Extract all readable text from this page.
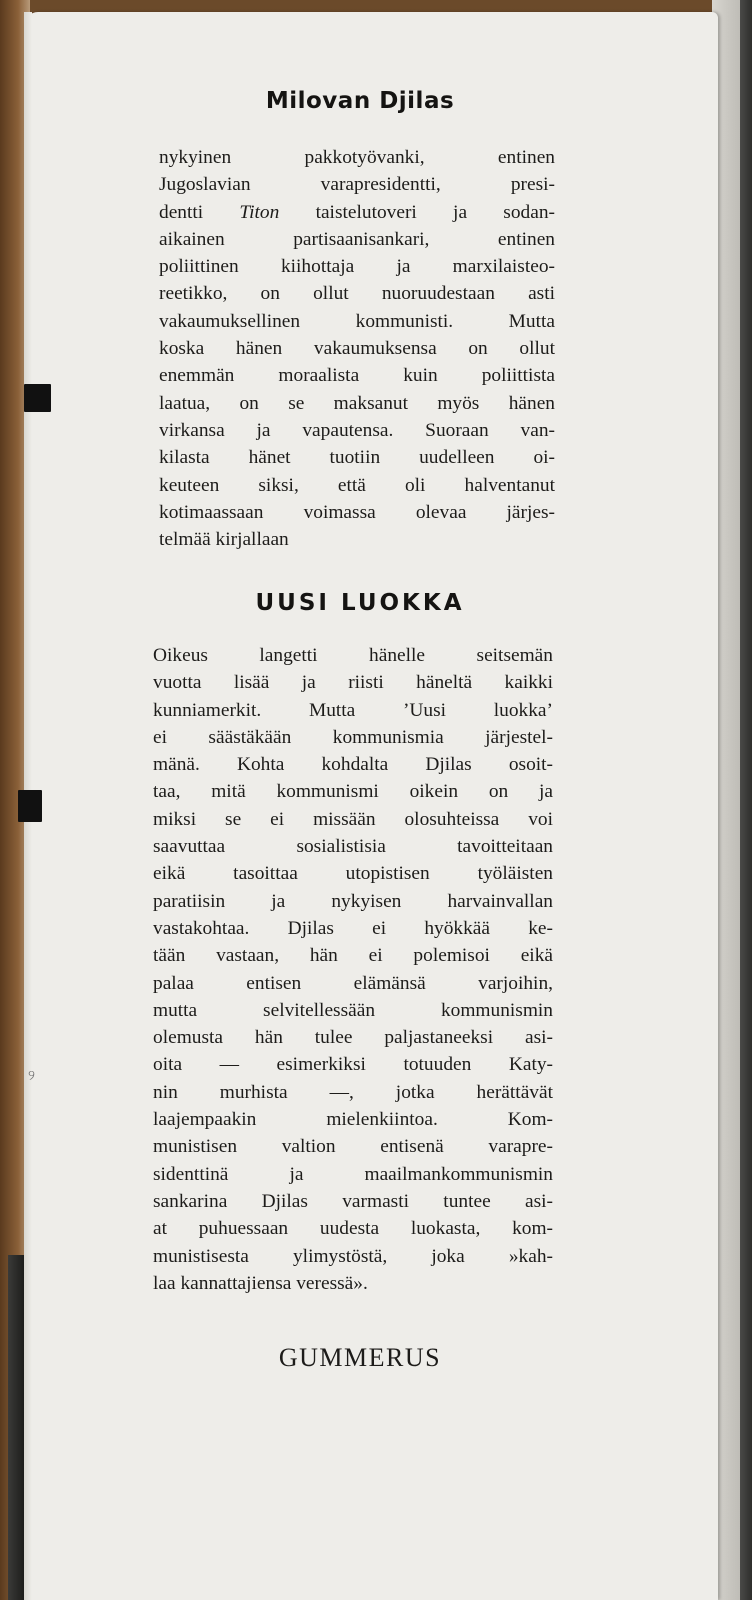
୨
Milovan Djilas

nykyinen pakkotyövanki, entinen
Jugoslavian varapresidentti, presi-
dentti Titon taistelutoveri ja sodan-
aikainen partisaanisankari, entinen
poliittinen kiihottaja ja marxilaisteo-
reetikko, on ollut nuoruudestaan asti
vakaumuksellinen kommunisti. Mutta
koska hänen vakaumuksensa on ollut
enemmän moraalista kuin poliittista
laatua, on se maksanut myös hänen
virkansa ja vapautensa. Suoraan van-
kilasta hänet tuotiin uudelleen oi-
keuteen siksi, että oli halventanut
kotimaassaan voimassa olevaa järjes-
telmää kirjallaan

UUSI LUOKKA

Oikeus langetti hänelle seitsemän
vuotta lisää ja riisti häneltä kaikki
kunniamerkit. Mutta ’Uusi luokka’
ei säästäkään kommunismia järjestel-
mänä. Kohta kohdalta Djilas osoit-
taa, mitä kommunismi oikein on ja
miksi se ei missään olosuhteissa voi
saavuttaa sosialistisia tavoitteitaan
eikä tasoittaa utopistisen työläisten
paratiisin ja nykyisen harvainvallan
vastakohtaa. Djilas ei hyökkää ke-
tään vastaan, hän ei polemisoi eikä
palaa entisen elämänsä varjoihin,
mutta selvitellessään kommunismin
olemusta hän tulee paljastaneeksi asi-
oita — esimerkiksi totuuden Katy-
nin murhista —, jotka herättävät
laajempaakin mielenkiintoa. Kom-
munistisen valtion entisenä varapre-
sidenttinä ja maailmankommunismin
sankarina Djilas varmasti tuntee asi-
at puhuessaan uudesta luokasta, kom-
munistisesta ylimystöstä, joka »kah-
laa kannattajiensa veressä».

GUMMERUS
